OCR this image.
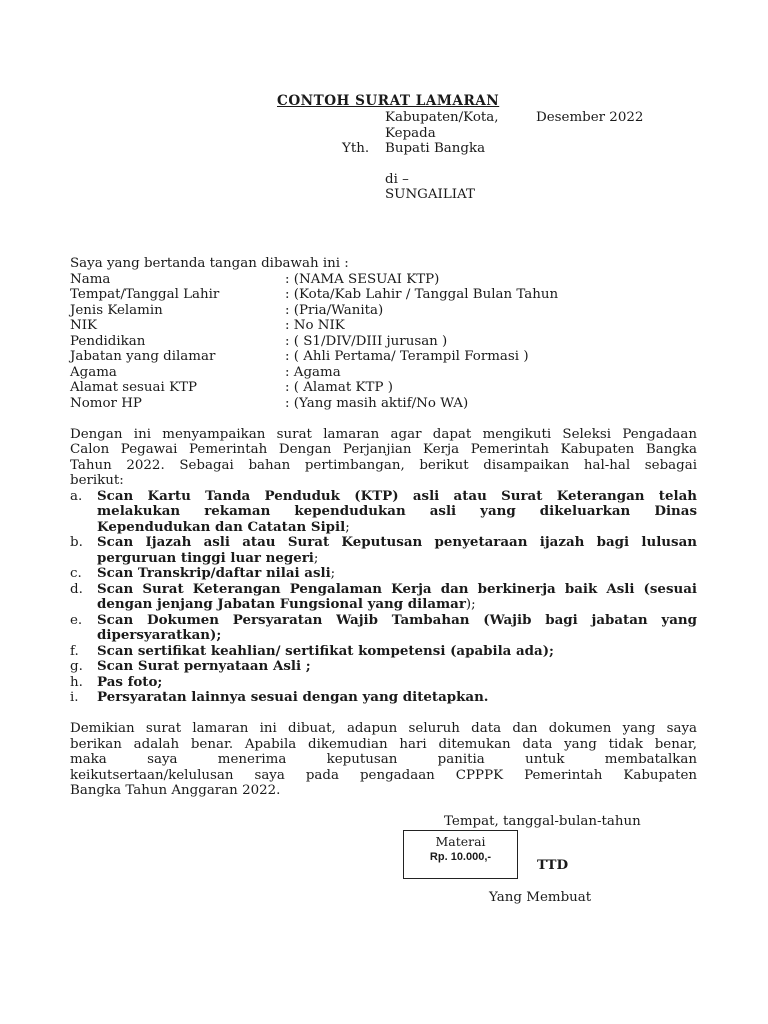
CONTOH SURAT LAMARAN
Kabupaten/Kota,	Desember 2022
Kepada
Yth. Bupati Bangka
di –
SUNGAILIAT
Saya yang bertanda tangan dibawah ini :
Nama	: (NAMA SESUAI KTP)
Tempat/Tanggal Lahir	: (Kota/Kab Lahir / Tanggal Bulan Tahun
Jenis Kelamin	: (Pria/Wanita)
NIK	: No NIK
Pendidikan	: ( S1/DIV/DIII jurusan )
Jabatan yang dilamar	: ( Ahli Pertama/ Terampil Formasi )
Agama	: Agama
Alamat sesuai KTP	: ( Alamat KTP )
Nomor HP	: (Yang masih aktif/No WA)
Dengan ini menyampaikan surat lamaran agar dapat mengikuti Seleksi Pengadaan
Calon Pegawai Pemerintah Dengan Perjanjian Kerja Pemerintah Kabupaten Bangka
Tahun 2022. Sebagai bahan pertimbangan, berikut disampaikan hal-hal sebagai
berikut:
a. Scan Kartu Tanda Penduduk (KTP) asli atau Surat Keterangan telah
melakukan rekaman kependudukan asli yang dikeluarkan Dinas
Kependudukan dan Catatan Sipil;
b. Scan Ijazah asli atau Surat Keputusan penyetaraan ijazah bagi lulusan
perguruan tinggi luar negeri;
c. Scan Transkrip/daftar nilai asli;
d. Scan Surat Keterangan Pengalaman Kerja dan berkinerja baik Asli (sesuai
dengan jenjang Jabatan Fungsional yang dilamar);
e. Scan Dokumen Persyaratan Wajib Tambahan (Wajib bagi jabatan yang
dipersyaratkan);
f. Scan sertifikat keahlian/ sertifikat kompetensi (apabila ada);
g. Scan Surat pernyataan Asli ;
h. Pas foto;
i. Persyaratan lainnya sesuai dengan yang ditetapkan.
Demikian surat lamaran ini dibuat, adapun seluruh data dan dokumen yang saya
berikan adalah benar. Apabila dikemudian hari ditemukan data yang tidak benar,
maka saya menerima keputusan panitia untuk membatalkan
keikutsertaan/kelulusan saya pada pengadaan CPPPK Pemerintah Kabupaten
Bangka Tahun Anggaran 2022.
Tempat, tanggal-bulan-tahun
Materai
Rp. 10.000,-	TTD
Yang Membuat
